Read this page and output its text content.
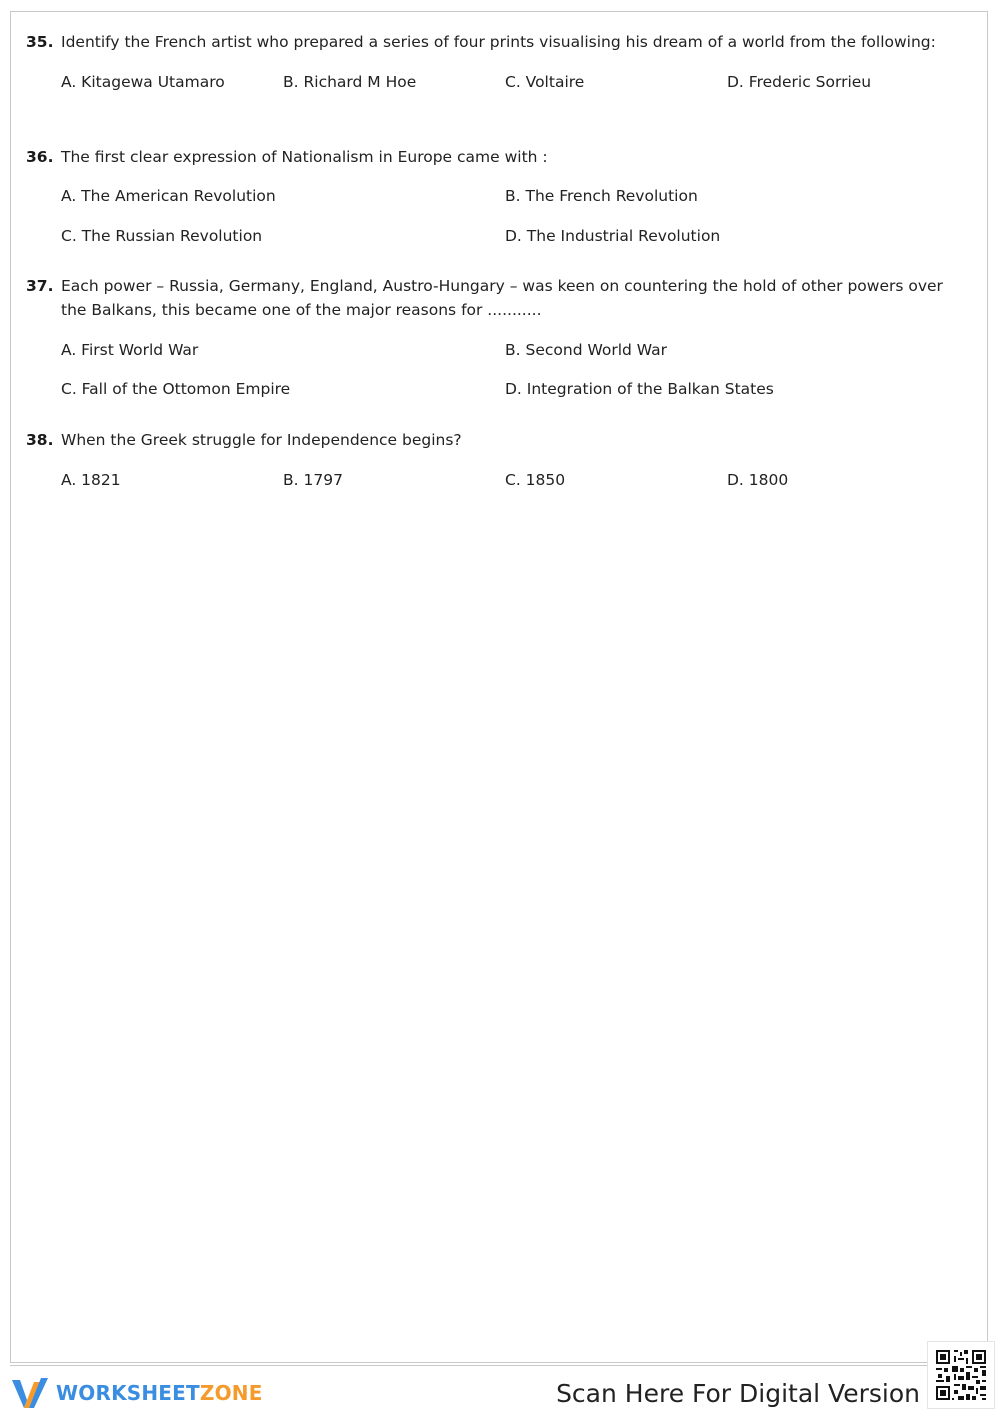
35. Identify the French artist who prepared a series of four prints visualising his dream of a world from the following:
A. Kitagewa Utamaro	B. Richard M Hoe	C. Voltaire	D. Frederic Sorrieu
36. The first clear expression of Nationalism in Europe came with :
A. The American Revolution	B. The French Revolution
C. The Russian Revolution	D. The Industrial Revolution
37. Each power – Russia, Germany, England, Austro-Hungary – was keen on countering the hold of other powers over the Balkans, this became one of the major reasons for ...........
A. First World War	B. Second World War
C. Fall of the Ottomon Empire	D. Integration of the Balkan States
38. When the Greek struggle for Independence begins?
A. 1821	B. 1797	C. 1850	D. 1800
WORKSHEETZONE	Scan Here For Digital Version
